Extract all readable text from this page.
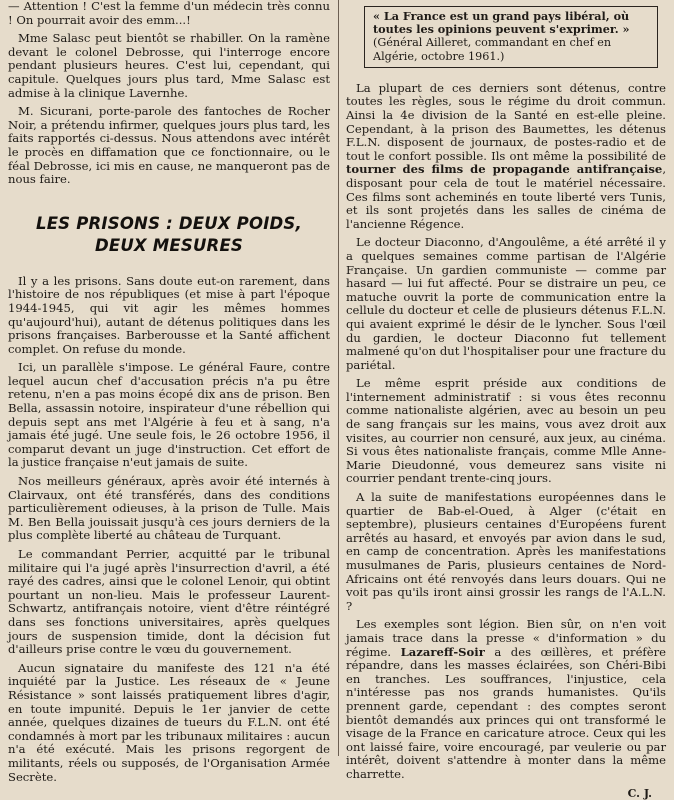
— Attention ! C'est la femme d'un médecin très connu ! On pourrait avoir des emm...!

Mme Salasc peut bientôt se rhabiller. On la ramène devant le colonel Debrosse, qui l'interroge encore pendant plusieurs heures. C'est lui, cependant, qui capitule. Quelques jours plus tard, Mme Salasc est admise à la clinique Lavernhe.

M. Sicurani, porte-parole des fantoches de Rocher Noir, a prétendu infirmer, quelques jours plus tard, les faits rapportés ci-dessus. Nous attendons avec intérêt le procès en diffamation que ce fonctionnaire, ou le féal Debrosse, ici mis en cause, ne manqueront pas de nous faire.

LES PRISONS : DEUX POIDS,
DEUX MESURES

Il y a les prisons. Sans doute eut-on rarement, dans l'histoire de nos républiques (et mise à part l'époque 1944-1945, qui vit agir les mêmes hommes qu'aujourd'hui), autant de détenus politiques dans les prisons françaises. Barberousse et la Santé affichent complet. On refuse du monde.

Ici, un parallèle s'impose. Le général Faure, contre lequel aucun chef d'accusation précis n'a pu être retenu, n'en a pas moins écopé dix ans de prison. Ben Bella, assassin notoire, inspirateur d'une rébellion qui depuis sept ans met l'Algérie à feu et à sang, n'a jamais été jugé. Une seule fois, le 26 octobre 1956, il comparut devant un juge d'instruction. Cet effort de la justice française n'eut jamais de suite.

Nos meilleurs généraux, après avoir été internés à Clairvaux, ont été transférés, dans des conditions particulièrement odieuses, à la prison de Tulle. Mais M. Ben Bella jouissait jusqu'à ces jours derniers de la plus complète liberté au château de Turquant.

Le commandant Perrier, acquitté par le tribunal militaire qui l'a jugé après l'insurrection d'avril, a été rayé des cadres, ainsi que le colonel Lenoir, qui obtint pourtant un non-lieu. Mais le professeur Laurent-Schwartz, antifrançais notoire, vient d'être réintégré dans ses fonctions universitaires, après quelques jours de suspension timide, dont la décision fut d'ailleurs prise contre le vœu du gouvernement.

Aucun signataire du manifeste des 121 n'a été inquiété par la Justice. Les réseaux de « Jeune Résistance » sont laissés pratiquement libres d'agir, en toute impunité. Depuis le 1er janvier de cette année, quelques dizaines de tueurs du F.L.N. ont été condamnés à mort par les tribunaux militaires : aucun n'a été exécuté. Mais les prisons regorgent de militants, réels ou supposés, de l'Organisation Armée Secrète.

« La France est un grand pays libéral, où toutes les opinions peuvent s'exprimer. » (Général Ailleret, commandant en chef en Algérie, octobre 1961.)

La plupart de ces derniers sont détenus, contre toutes les règles, sous le régime du droit commun. Ainsi la 4e division de la Santé en est-elle pleine. Cependant, à la prison des Baumettes, les détenus F.L.N. disposent de journaux, de postes-radio et de tout le confort possible. Ils ont même la possibilité de tourner des films de propagande antifrançaise, disposant pour cela de tout le matériel nécessaire. Ces films sont acheminés en toute liberté vers Tunis, et ils sont projetés dans les salles de cinéma de l'ancienne Régence.

Le docteur Diaconno, d'Angoulême, a été arrêté il y a quelques semaines comme partisan de l'Algérie Française. Un gardien communiste — comme par hasard — lui fut affecté. Pour se distraire un peu, ce matuche ouvrit la porte de communication entre la cellule du docteur et celle de plusieurs détenus F.L.N. qui avaient exprimé le désir de le lyncher. Sous l'œil du gardien, le docteur Diaconno fut tellement malmené qu'on dut l'hospitaliser pour une fracture du pariétal.

Le même esprit préside aux conditions de l'internement administratif : si vous êtes reconnu comme nationaliste algérien, avec au besoin un peu de sang français sur les mains, vous avez droit aux visites, au courrier non censuré, aux jeux, au cinéma. Si vous êtes nationaliste français, comme Mlle Anne-Marie Dieudonné, vous demeurez sans visite ni courrier pendant trente-cinq jours.

A la suite de manifestations européennes dans le quartier de Bab-el-Oued, à Alger (c'était en septembre), plusieurs centaines d'Européens furent arrêtés au hasard, et envoyés par avion dans le sud, en camp de concentration. Après les manifestations musulmanes de Paris, plusieurs centaines de Nord-Africains ont été renvoyés dans leurs douars. Qui ne voit pas qu'ils iront ainsi grossir les rangs de l'A.L.N. ?

Les exemples sont légion. Bien sûr, on n'en voit jamais trace dans la presse « d'information » du régime. Lazareff-Soir a des œillères, et préfère répandre, dans les masses éclairées, son Chéri-Bibi en tranches. Les souffrances, l'injustice, cela n'intéresse pas nos grands humanistes. Qu'ils prennent garde, cependant : des comptes seront bientôt demandés aux princes qui ont transformé le visage de la France en caricature atroce. Ceux qui les ont laissé faire, voire encouragé, par veulerie ou par intérêt, doivent s'attendre à monter dans la même charrette.

C. J.
